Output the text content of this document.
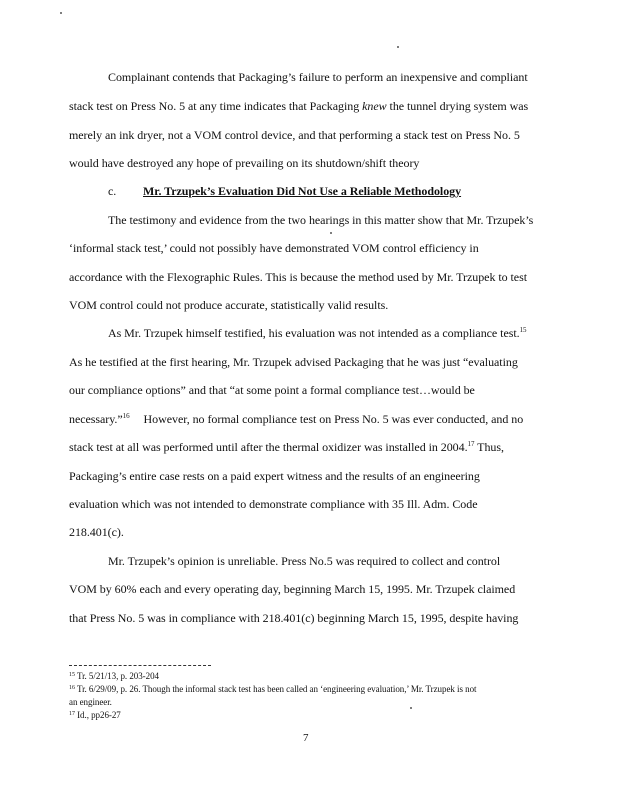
Complainant contends that Packaging’s failure to perform an inexpensive and compliant
stack test on Press No. 5 at any time indicates that Packaging knew the tunnel drying system was
merely an ink dryer, not a VOM control device, and that performing a stack test on Press No. 5
would have destroyed any hope of prevailing on its shutdown/shift theory
c. Mr. Trzupek’s Evaluation Did Not Use a Reliable Methodology
The testimony and evidence from the two hearings in this matter show that Mr. Trzupek’s
‘informal stack test,’ could not possibly have demonstrated VOM control efficiency in
accordance with the Flexographic Rules. This is because the method used by Mr. Trzupek to test
VOM control could not produce accurate, statistically valid results.
As Mr. Trzupek himself testified, his evaluation was not intended as a compliance test.$^{15}$
As he testified at the first hearing, Mr. Trzupek advised Packaging that he was just “evaluating
our compliance options” and that “at some point a formal compliance test…would be
necessary.”$^{16}$ However, no formal compliance test on Press No. 5 was ever conducted, and no
stack test at all was performed until after the thermal oxidizer was installed in 2004.17 Thus,
Packaging’s entire case rests on a paid expert witness and the results of an engineering
evaluation which was not intended to demonstrate compliance with 35 Ill. Adm. Code
218.401(c).
Mr. Trzupek’s opinion is unreliable. Press No.5 was required to collect and control
VOM by 60% each and every operating day, beginning March 15, 1995. Mr. Trzupek claimed
that Press No. 5 was in compliance with 218.401(c) beginning March 15, 1995, despite having
$^{15}$ Tr. 5/21/13, p. 203-204
$^{16}$ Tr. 6/29/09, p. 26. Though the informal stack test has been called an ‘engineering evaluation,’ Mr. Trzupek is not
an engineer.
$^{17}$ Id., pp26-27
7
